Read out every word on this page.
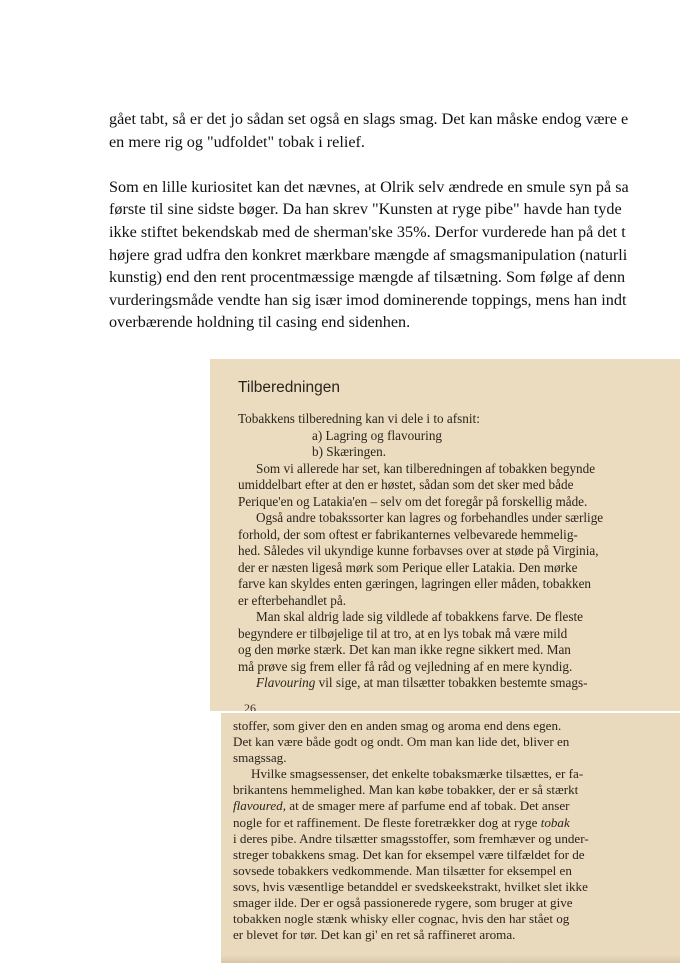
gået tabt, så er det jo sådan set også en slags smag. Det kan måske endog være e
en mere rig og "udfoldet" tobak i relief.

Som en lille kuriositet kan det nævnes, at Olrik selv ændrede en smule syn på sa
første til sine sidste bøger. Da han skrev "Kunsten at ryge pibe" havde han tyde
ikke stiftet bekendskab med de sherman'ske 35%. Derfor vurderede han på det t
højere grad udfra den konkret mærkbare mængde af smagsmanipulation (naturli
kunstig) end den rent procentmæssige mængde af tilsætning. Som følge af denn
vurderingsmåde vendte han sig især imod dominerende toppings, mens han indt
overbærende holdning til casing end sidenhen.

Tilberedningen
Tobakkens tilberedning kan vi dele i to afsnit:
a) Lagring og flavouring
b) Skæringen.
Som vi allerede har set, kan tilberedningen af tobakken begynde
umiddelbart efter at den er høstet, sådan som det sker med både
Perique'en og Latakia'en – selv om det foregår på forskellig måde.
Også andre tobakssorter kan lagres og forbehandles under særlige
forhold, der som oftest er fabrikanternes velbevarede hemmelig-
hed. Således vil ukyndige kunne forbavses over at støde på Virginia,
der er næsten ligeså mørk som Perique eller Latakia. Den mørke
farve kan skyldes enten gæringen, lagringen eller måden, tobakken
er efterbehandlet på.
Man skal aldrig lade sig vildlede af tobakkens farve. De fleste
begyndere er tilbøjelige til at tro, at en lys tobak må være mild
og den mørke stærk. Det kan man ikke regne sikkert med. Man
må prøve sig frem eller få råd og vejledning af en mere kyndig.
Flavouring vil sige, at man tilsætter tobakken bestemte smags-
26
stoffer, som giver den en anden smag og aroma end dens egen.
Det kan være både godt og ondt. Om man kan lide det, bliver en
smagssag.
Hvilke smagsessenser, det enkelte tobaksmærke tilsættes, er fa-
brikantens hemmelighed. Man kan købe tobakker, der er så stærkt
flavoured, at de smager mere af parfume end af tobak. Det anser
nogle for et raffinement. De fleste foretrækker dog at ryge tobak
i deres pibe. Andre tilsætter smagsstoffer, som fremhæver og under-
streger tobakkens smag. Det kan for eksempel være tilfældet for de
sovsede tobakkers vedkommende. Man tilsætter for eksempel en
sovs, hvis væsentlige betanddel er svedskeekstrakt, hvilket slet ikke
smager ilde. Der er også passionerede rygere, som bruger at give
tobakken nogle stænk whisky eller cognac, hvis den har stået og
er blevet for tør. Det kan gi' en ret så raffineret aroma.
